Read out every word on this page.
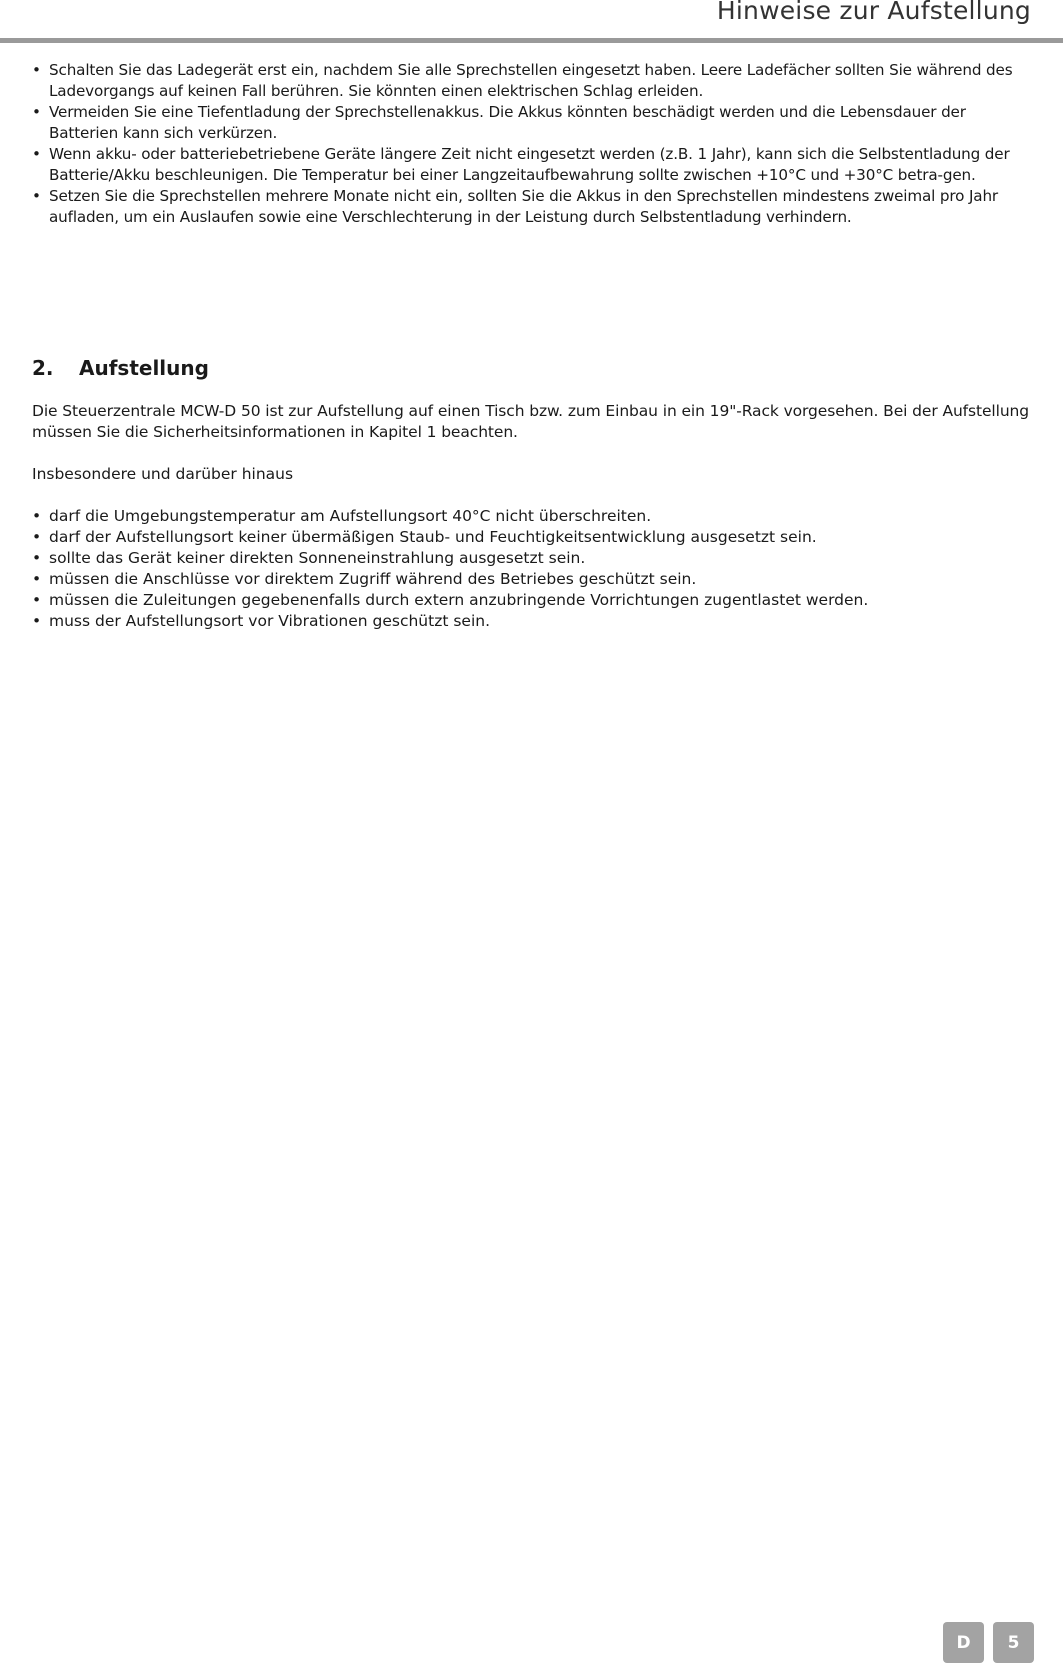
Hinweise zur Aufstellung
• Schalten Sie das Ladegerät erst ein, nachdem Sie alle Sprechstellen eingesetzt haben. Leere Ladefächer sollten Sie während des Ladevorgangs auf keinen Fall berühren. Sie könnten einen elektrischen Schlag erleiden.
• Vermeiden Sie eine Tiefentladung der Sprechstellenakkus. Die Akkus könnten beschädigt werden und die Lebensdauer der Batterien kann sich verkürzen.
• Wenn akku- oder batteriebetriebene Geräte längere Zeit nicht eingesetzt werden (z.B. 1 Jahr), kann sich die Selbstentladung der Batterie/Akku beschleunigen. Die Temperatur bei einer Langzeitaufbewahrung sollte zwischen +10°C und +30°C betra-gen.
• Setzen Sie die Sprechstellen mehrere Monate nicht ein, sollten Sie die Akkus in den Sprechstellen mindestens zweimal pro Jahr aufladen, um ein Auslaufen sowie eine Verschlechterung in der Leistung durch Selbstentladung verhindern.
2. Aufstellung

Die Steuerzentrale MCW-D 50 ist zur Aufstellung auf einen Tisch bzw. zum Einbau in ein 19"-Rack vorgesehen. Bei der Aufstellung müssen Sie die Sicherheitsinformationen in Kapitel 1 beachten.

Insbesondere und darüber hinaus

• darf die Umgebungstemperatur am Aufstellungsort 40°C nicht überschreiten.
• darf der Aufstellungsort keiner übermäßigen Staub- und Feuchtigkeitsentwicklung ausgesetzt sein.
• sollte das Gerät keiner direkten Sonneneinstrahlung ausgesetzt sein.
• müssen die Anschlüsse vor direktem Zugriff während des Betriebes geschützt sein.
• müssen die Zuleitungen gegebenenfalls durch extern anzubringende Vorrichtungen zugentlastet werden.
• muss der Aufstellungsort vor Vibrationen geschützt sein.
D	5
